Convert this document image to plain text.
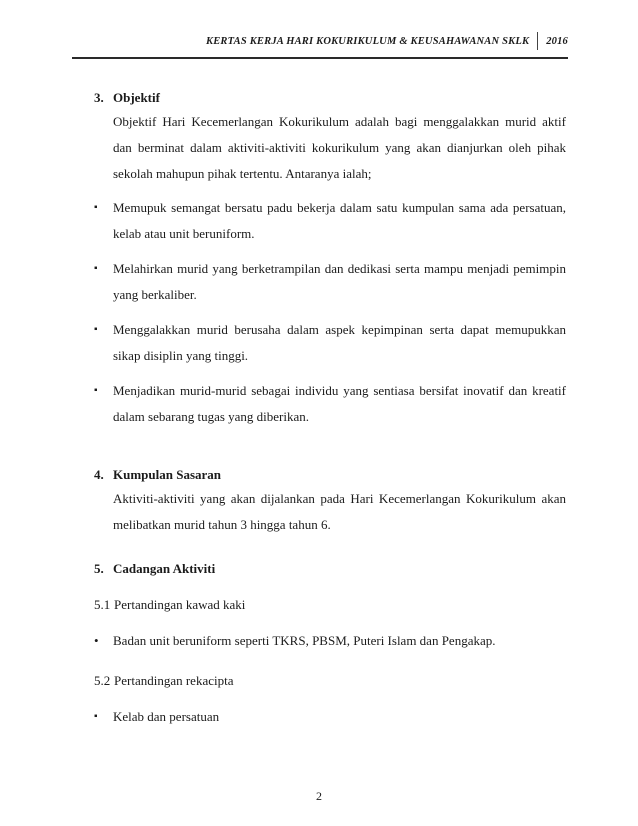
KERTAS KERJA HARI KOKURIKULUM & KEUSAHAWANAN SKLK 2016
3. Objektif

Objektif Hari Kecemerlangan Kokurikulum adalah bagi menggalakkan murid aktif dan berminat dalam aktiviti-aktiviti kokurikulum yang akan dianjurkan oleh pihak sekolah mahupun pihak tertentu. Antaranya ialah;

▪	Memupuk semangat bersatu padu bekerja dalam satu kumpulan sama ada persatuan, kelab atau unit beruniform.
▪	Melahirkan murid yang berketrampilan dan dedikasi serta mampu menjadi pemimpin yang berkaliber.
▪	Menggalakkan murid berusaha dalam aspek kepimpinan serta dapat memupukkan sikap disiplin yang tinggi.
▪	Menjadikan murid-murid sebagai individu yang sentiasa bersifat inovatif dan kreatif dalam sebarang tugas yang diberikan.
4. Kumpulan Sasaran

Aktiviti-aktiviti yang akan dijalankan pada Hari Kecemerlangan Kokurikulum akan melibatkan murid tahun 3 hingga tahun 6.

5. Cadangan Aktiviti
5.1 Pertandingan kawad kaki
•	Badan unit beruniform seperti TKRS, PBSM, Puteri Islam dan Pengakap.
5.2 Pertandingan rekacipta
▪	Kelab dan persatuan
2
